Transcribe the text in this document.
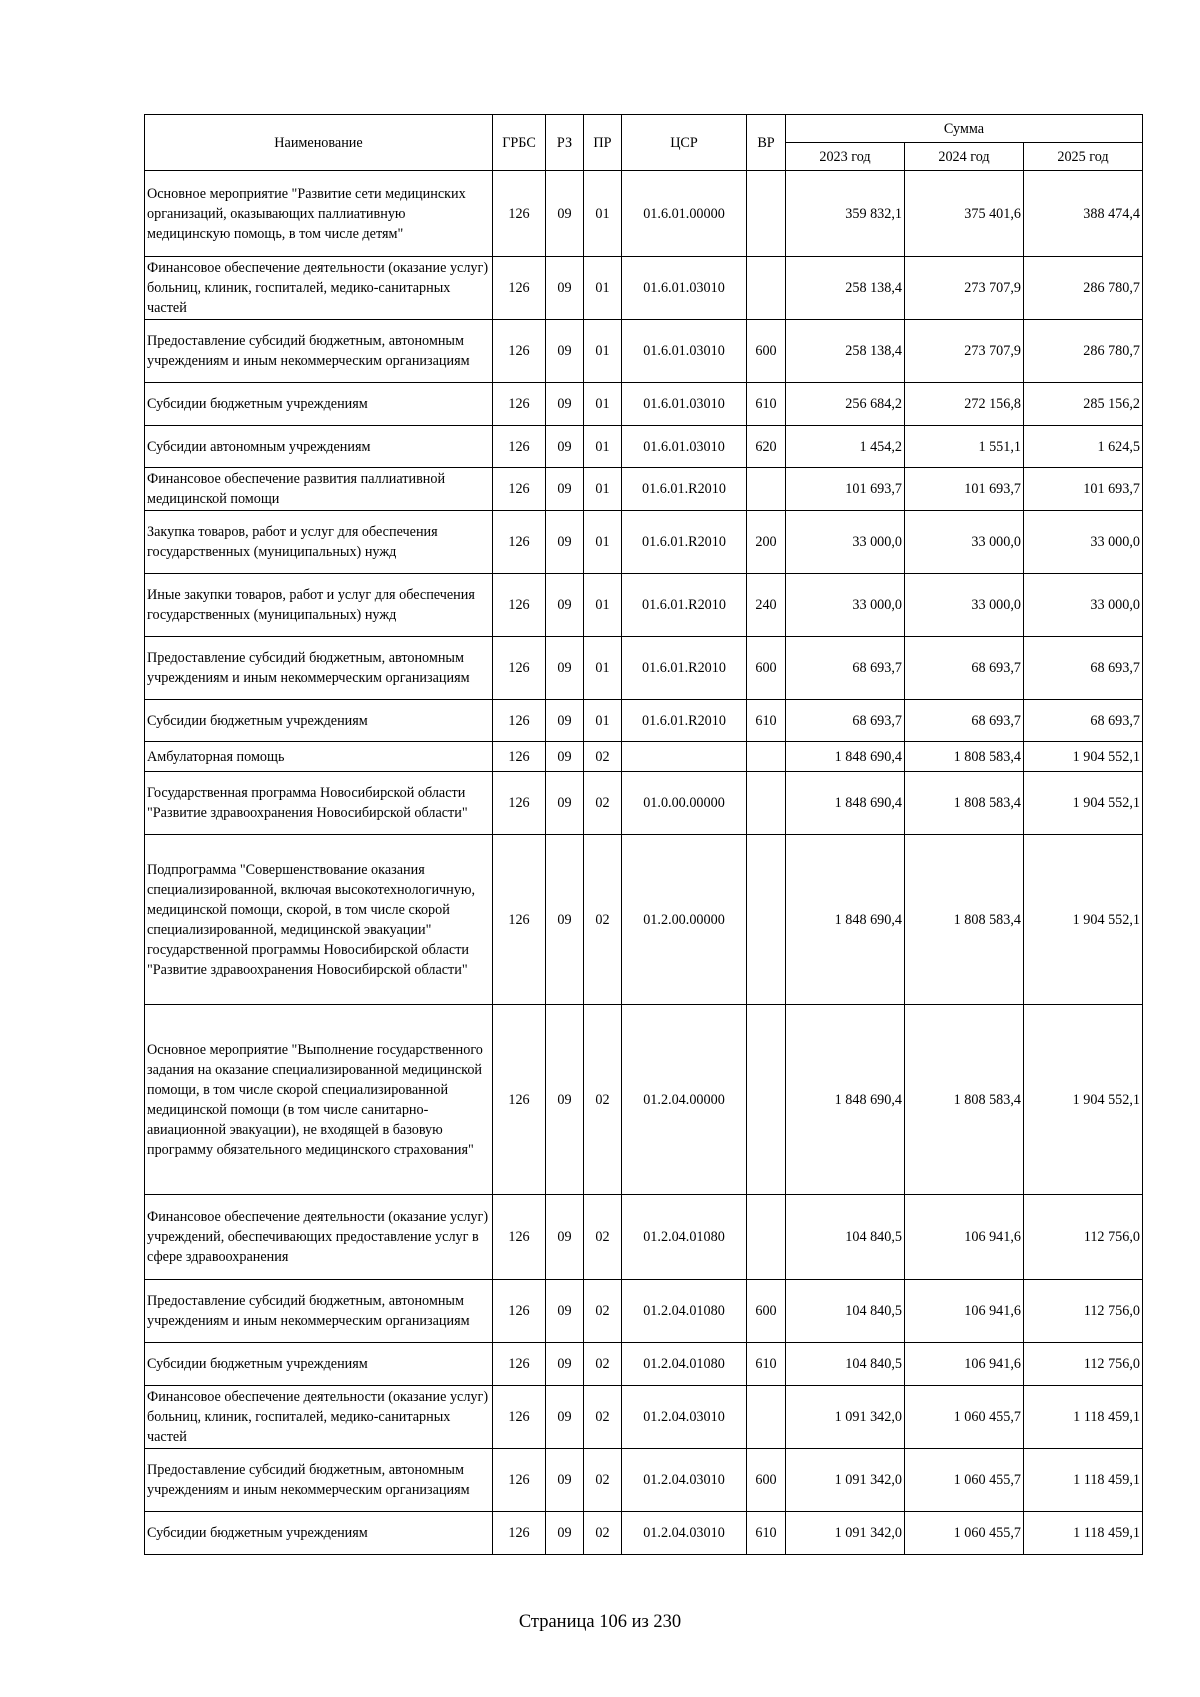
Наименование	ГРБС	РЗ	ПР	ЦСР	ВР	Сумма		
						2023 год	2024 год	2025 год
Основное мероприятие "Развитие сети медицинских организаций, оказывающих паллиативную медицинскую помощь, в том числе детям"	126	09	01	01.6.01.00000		359 832,1	375 401,6	388 474,4
Финансовое обеспечение деятельности (оказание услуг) больниц, клиник, госпиталей, медико-санитарных частей	126	09	01	01.6.01.03010		258 138,4	273 707,9	286 780,7
Предоставление субсидий бюджетным, автономным учреждениям и иным некоммерческим организациям	126	09	01	01.6.01.03010	600	258 138,4	273 707,9	286 780,7
Субсидии бюджетным учреждениям	126	09	01	01.6.01.03010	610	256 684,2	272 156,8	285 156,2
Субсидии автономным учреждениям	126	09	01	01.6.01.03010	620	1 454,2	1 551,1	1 624,5
Финансовое обеспечение развития паллиативной медицинской помощи	126	09	01	01.6.01.R2010		101 693,7	101 693,7	101 693,7
Закупка товаров, работ и услуг для обеспечения государственных (муниципальных) нужд	126	09	01	01.6.01.R2010	200	33 000,0	33 000,0	33 000,0
Иные закупки товаров, работ и услуг для обеспечения государственных (муниципальных) нужд	126	09	01	01.6.01.R2010	240	33 000,0	33 000,0	33 000,0
Предоставление субсидий бюджетным, автономным учреждениям и иным некоммерческим организациям	126	09	01	01.6.01.R2010	600	68 693,7	68 693,7	68 693,7
Субсидии бюджетным учреждениям	126	09	01	01.6.01.R2010	610	68 693,7	68 693,7	68 693,7
Амбулаторная помощь	126	09	02			1 848 690,4	1 808 583,4	1 904 552,1
Государственная программа Новосибирской области "Развитие здравоохранения Новосибирской области"	126	09	02	01.0.00.00000		1 848 690,4	1 808 583,4	1 904 552,1
Подпрограмма "Совершенствование оказания специализированной, включая высокотехнологичную, медицинской помощи, скорой, в том числе скорой специализированной, медицинской эвакуации" государственной программы Новосибирской области "Развитие здравоохранения Новосибирской области"	126	09	02	01.2.00.00000		1 848 690,4	1 808 583,4	1 904 552,1
Основное мероприятие "Выполнение государственного задания на оказание специализированной медицинской помощи, в том числе скорой специализированной медицинской помощи (в том числе санитарно-авиационной эвакуации), не входящей в базовую программу обязательного медицинского страхования"	126	09	02	01.2.04.00000		1 848 690,4	1 808 583,4	1 904 552,1
Финансовое обеспечение деятельности (оказание услуг) учреждений, обеспечивающих предоставление услуг в сфере здравоохранения	126	09	02	01.2.04.01080		104 840,5	106 941,6	112 756,0
Предоставление субсидий бюджетным, автономным учреждениям и иным некоммерческим организациям	126	09	02	01.2.04.01080	600	104 840,5	106 941,6	112 756,0
Субсидии бюджетным учреждениям	126	09	02	01.2.04.01080	610	104 840,5	106 941,6	112 756,0
Финансовое обеспечение деятельности (оказание услуг) больниц, клиник, госпиталей, медико-санитарных частей	126	09	02	01.2.04.03010		1 091 342,0	1 060 455,7	1 118 459,1
Предоставление субсидий бюджетным, автономным учреждениям и иным некоммерческим организациям	126	09	02	01.2.04.03010	600	1 091 342,0	1 060 455,7	1 118 459,1
Субсидии бюджетным учреждениям	126	09	02	01.2.04.03010	610	1 091 342,0	1 060 455,7	1 118 459,1
Страница 106 из 230
